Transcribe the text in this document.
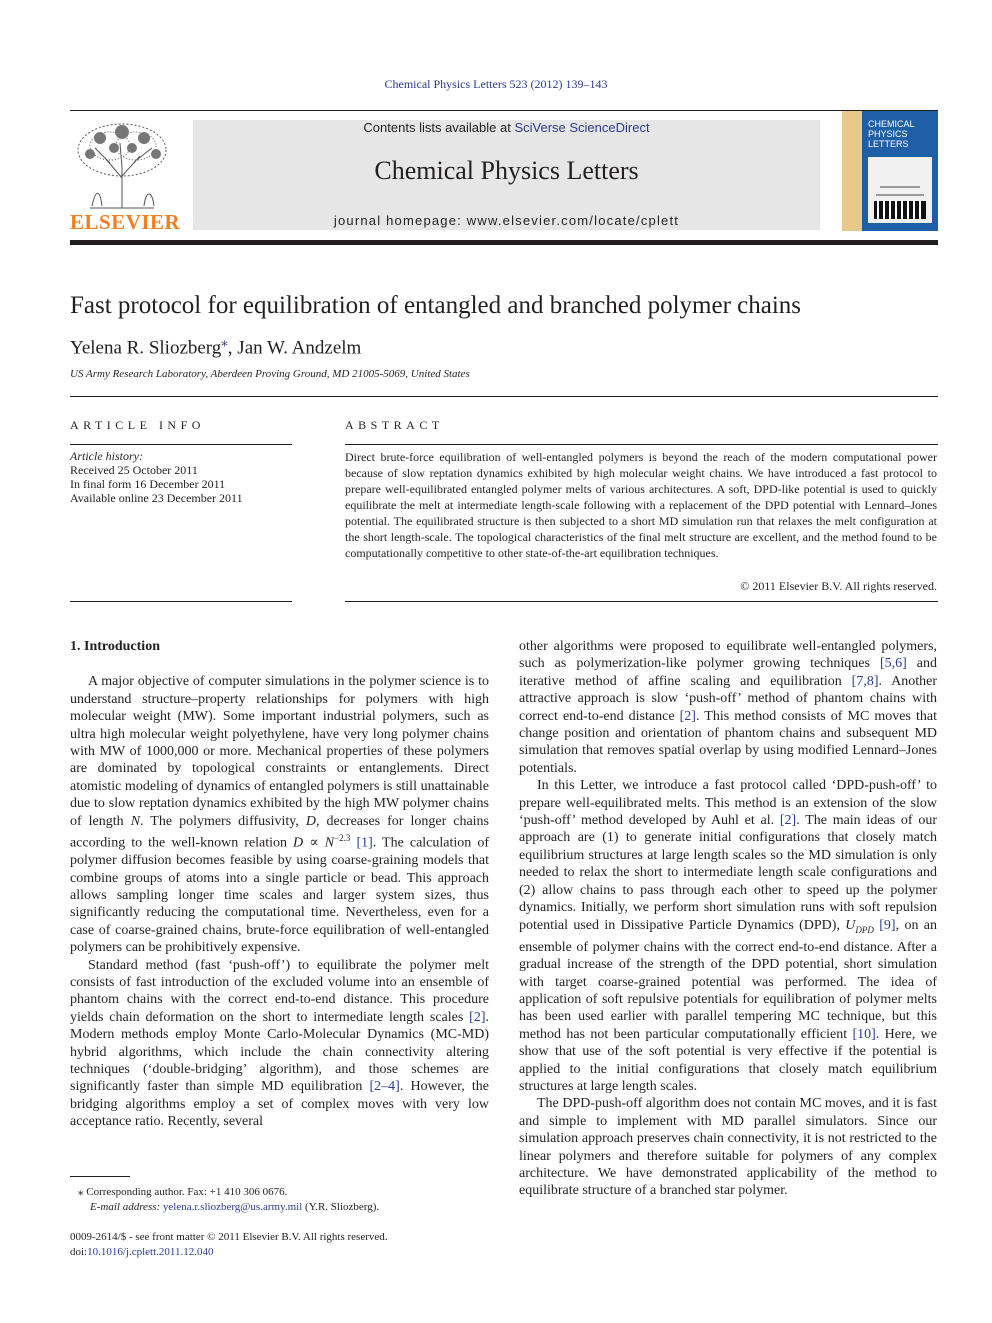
Chemical Physics Letters 523 (2012) 139–143
ELSEVIER
Contents lists available at SciVerse ScienceDirect
Chemical Physics Letters
journal homepage: www.elsevier.com/locate/cplett
CHEMICAL
PHYSICS
LETTERS
Fast protocol for equilibration of entangled and branched polymer chains
Yelena R. Sliozberg⁎, Jan W. Andzelm
US Army Research Laboratory, Aberdeen Proving Ground, MD 21005-5069, United States
ARTICLE INFO
Article history:
Received 25 October 2011
In final form 16 December 2011
Available online 23 December 2011
ABSTRACT
Direct brute-force equilibration of well-entangled polymers is beyond the reach of the modern computational power because of slow reptation dynamics exhibited by high molecular weight chains. We have introduced a fast protocol to prepare well-equilibrated entangled polymer melts of various architectures. A soft, DPD-like potential is used to quickly equilibrate the melt at intermediate length-scale following with a replacement of the DPD potential with Lennard–Jones potential. The equilibrated structure is then subjected to a short MD simulation run that relaxes the melt configuration at the short length-scale. The topological characteristics of the final melt structure are excellent, and the method found to be computationally competitive to other state-of-the-art equilibration techniques.
© 2011 Elsevier B.V. All rights reserved.
1. Introduction

A major objective of computer simulations in the polymer science is to understand structure–property relationships for polymers with high molecular weight (MW). Some important industrial polymers, such as ultra high molecular weight polyethylene, have very long polymer chains with MW of 1000,000 or more. Mechanical properties of these polymers are dominated by topological constraints or entanglements. Direct atomistic modeling of dynamics of entangled polymers is still unattainable due to slow reptation dynamics exhibited by the high MW polymer chains of length N. The polymers diffusivity, D, decreases for longer chains according to the well-known relation $D \propto N^{-2.3}$ [1]. The calculation of polymer diffusion becomes feasible by using coarse-graining models that combine groups of atoms into a single particle or bead. This approach allows sampling longer time scales and larger system sizes, thus significantly reducing the computational time. Nevertheless, even for a case of coarse-grained chains, brute-force equilibration of well-entangled polymers can be prohibitively expensive.

Standard method (fast ‘push-off’) to equilibrate the polymer melt consists of fast introduction of the excluded volume into an ensemble of phantom chains with the correct end-to-end distance. This procedure yields chain deformation on the short to intermediate length scales [2]. Modern methods employ Monte Carlo-Molecular Dynamics (MC-MD) hybrid algorithms, which include the chain connectivity altering techniques (‘double-bridging’ algorithm), and those schemes are significantly faster than simple MD equilibration [2–4]. However, the bridging algorithms employ a set of complex moves with very low acceptance ratio. Recently, several

other algorithms were proposed to equilibrate well-entangled polymers, such as polymerization-like polymer growing techniques [5,6] and iterative method of affine scaling and equilibration [7,8]. Another attractive approach is slow ‘push-off’ method of phantom chains with correct end-to-end distance [2]. This method consists of MC moves that change position and orientation of phantom chains and subsequent MD simulation that removes spatial overlap by using modified Lennard–Jones potentials.

In this Letter, we introduce a fast protocol called ‘DPD-push-off’ to prepare well-equilibrated melts. This method is an extension of the slow ‘push-off’ method developed by Auhl et al. [2]. The main ideas of our approach are (1) to generate initial configurations that closely match equilibrium structures at large length scales so the MD simulation is only needed to relax the short to intermediate length scale configurations and (2) allow chains to pass through each other to speed up the polymer dynamics. Initially, we perform short simulation runs with soft repulsion potential used in Dissipative Particle Dynamics (DPD), $U_{DPD}$ [9], on an ensemble of polymer chains with the correct end-to-end distance. After a gradual increase of the strength of the DPD potential, short simulation with target coarse-grained potential was performed. The idea of application of soft repulsive potentials for equilibration of polymer melts has been used earlier with parallel tempering MC technique, but this method has not been particular computationally efficient [10]. Here, we show that use of the soft potential is very effective if the potential is applied to the initial configurations that closely match equilibrium structures at large length scales.

The DPD-push-off algorithm does not contain MC moves, and it is fast and simple to implement with MD parallel simulators. Since our simulation approach preserves chain connectivity, it is not restricted to the linear polymers and therefore suitable for polymers of any complex architecture. We have demonstrated applicability of the method to equilibrate structure of a branched star polymer.

⁎ Corresponding author. Fax: +1 410 306 0676.
E-mail address: yelena.r.sliozberg@us.army.mil (Y.R. Sliozberg).
0009-2614/$ - see front matter © 2011 Elsevier B.V. All rights reserved.
doi:10.1016/j.cplett.2011.12.040
